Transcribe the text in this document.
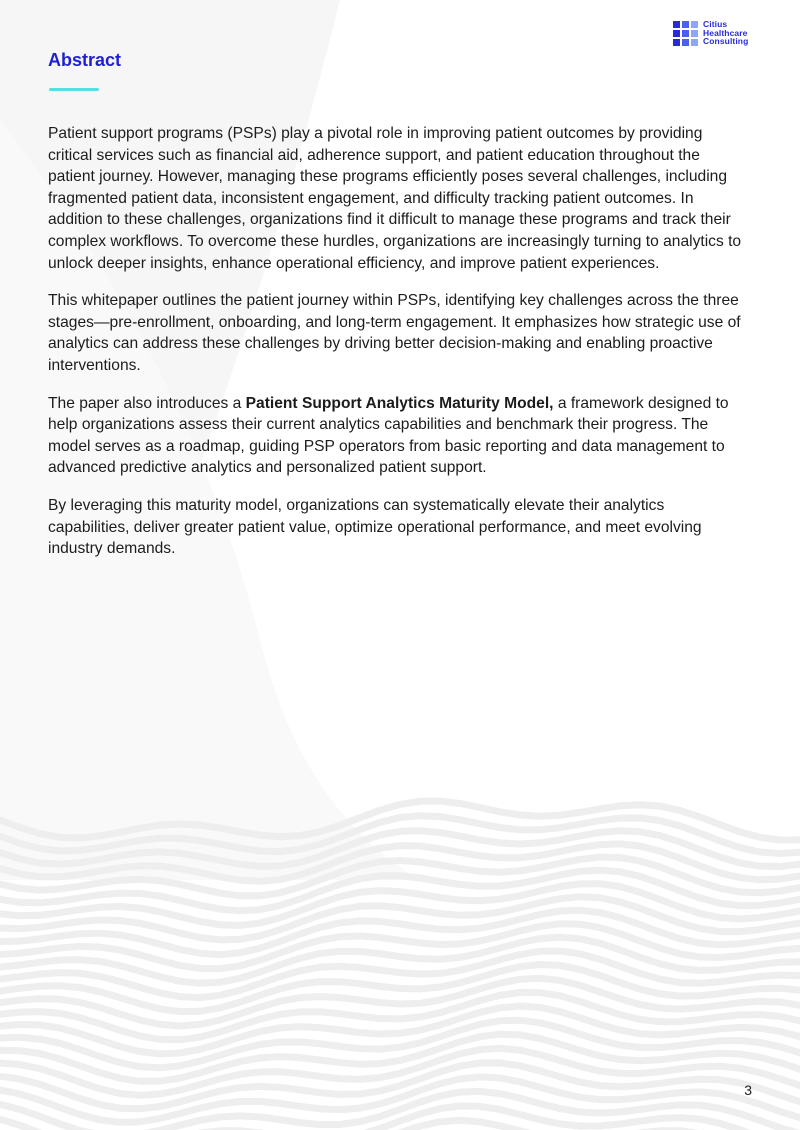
Citius
Healthcare
Consulting
Abstract

Patient support programs (PSPs) play a pivotal role in improving patient outcomes by providing critical services such as financial aid, adherence support, and patient education throughout the patient journey. However, managing these programs efficiently poses several challenges, including fragmented patient data, inconsistent engagement, and difficulty tracking patient outcomes. In addition to these challenges, organizations find it difficult to manage these programs and track their complex workflows. To overcome these hurdles, organizations are increasingly turning to analytics to unlock deeper insights, enhance operational efficiency, and improve patient experiences.

This whitepaper outlines the patient journey within PSPs, identifying key challenges across the three stages—pre-enrollment, onboarding, and long-term engagement. It emphasizes how strategic use of analytics can address these challenges by driving better decision-making and enabling proactive interventions.

The paper also introduces a Patient Support Analytics Maturity Model, a framework designed to help organizations assess their current analytics capabilities and benchmark their progress. The model serves as a roadmap, guiding PSP operators from basic reporting and data management to advanced predictive analytics and personalized patient support.

By leveraging this maturity model, organizations can systematically elevate their analytics capabilities, deliver greater patient value, optimize operational performance, and meet evolving industry demands.

3
